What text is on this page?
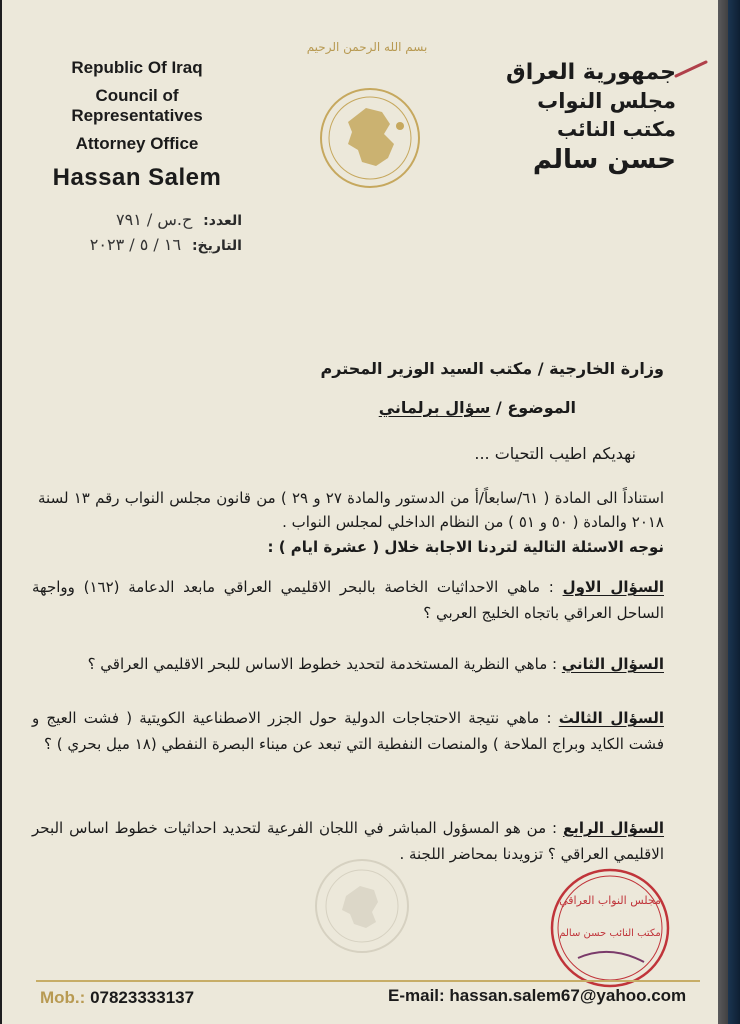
Republic Of Iraq
Council of Representatives
Attorney Office
Hassan Salem
بسم الله الرحمن الرحيم
جمهورية العراق
مجلس النواب
مكتب النائب
حسن سالم
العدد: ح.س / ٧٩١
التاريخ: ١٦ / ٥ / ٢٠٢٣
وزارة الخارجية / مكتب السيد الوزير المحترم
الموضوع / سؤال برلماني
نهديكم اطيب التحيات ...
استناداً الى المادة ( ٦١/سابعاً/أ من الدستور والمادة ٢٧ و ٢٩ ) من قانون مجلس النواب رقم ١٣ لسنة ٢٠١٨ والمادة ( ٥٠ و ٥١ ) من النظام الداخلي لمجلس النواب .
نوجه الاسئلة التالية لتردنا الاجابة خلال ( عشرة ايام ) :
السؤال الاول : ماهي الاحداثيات الخاصة بالبحر الاقليمي العراقي مابعد الدعامة (١٦٢) وواجهة الساحل العراقي باتجاه الخليج العربي ؟
السؤال الثاني : ماهي النظرية المستخدمة لتحديد خطوط الاساس للبحر الاقليمي العراقي ؟
السؤال الثالث : ماهي نتيجة الاحتجاجات الدولية حول الجزر الاصطناعية الكويتية ( فشت العيج و فشت الكايد وبراج الملاحة ) والمنصات النفطية التي تبعد عن ميناء البصرة النفطي (١٨ ميل بحري ) ؟
السؤال الرابع : من هو المسؤول المباشر في اللجان الفرعية لتحديد احداثيات خطوط اساس البحر الاقليمي العراقي ؟ تزويدنا بمحاضر اللجنة .
مجلس النواب العراقي
مكتب النائب حسن سالم
Mob.: 07823333137	E-mail: hassan.salem67@yahoo.com
